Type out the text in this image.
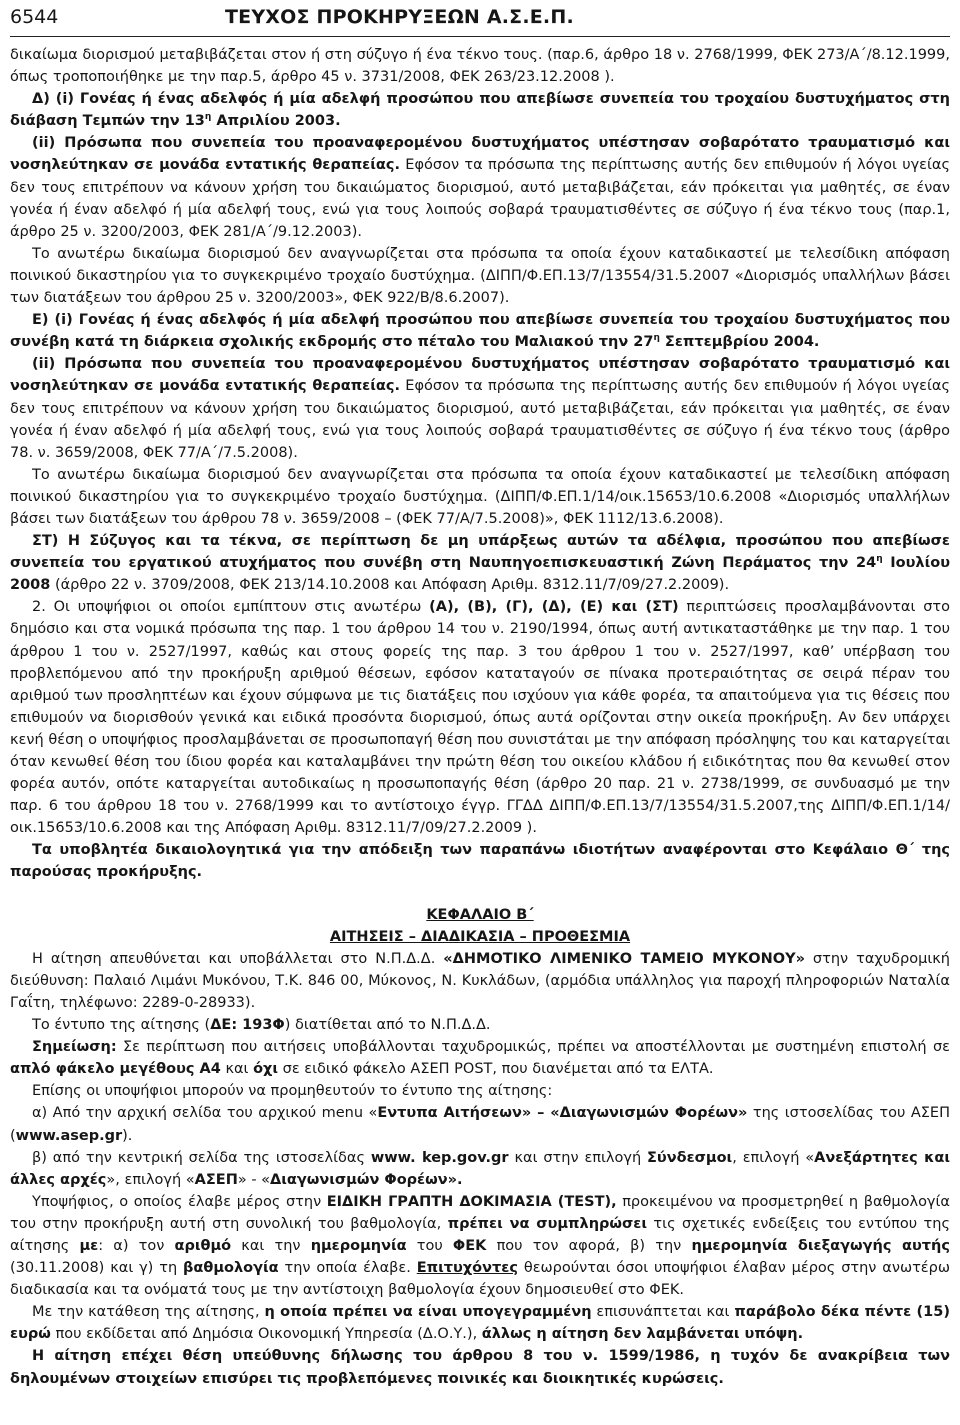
6544	ΤΕΥΧΟΣ ΠΡΟΚΗΡΥΞΕΩΝ Α.Σ.Ε.Π.

δικαίωμα διορισμού μεταβιβάζεται στον ή στη σύζυγο ή ένα τέκνο τους. (παρ.6, άρθρο 18 ν. 2768/1999, ΦΕΚ 273/Α΄/8.12.1999, όπως τροποποιήθηκε με την παρ.5, άρθρο 45 ν. 3731/2008, ΦΕΚ 263/23.12.2008 ).

Δ) (i) Γονέας ή ένας αδελφός ή μία αδελφή προσώπου που απεβίωσε συνεπεία του τροχαίου δυστυχήματος στη διάβαση Τεμπών την $13^\eta$ Απριλίου 2003.

(ii) Πρόσωπα που συνεπεία του προαναφερομένου δυστυχήματος υπέστησαν σοβαρότατο τραυματισμό και νοσηλεύτηκαν σε μονάδα εντατικής θεραπείας. Εφόσον τα πρόσωπα της περίπτωσης αυτής δεν επιθυμούν ή λόγοι υγείας δεν τους επιτρέπουν να κάνουν χρήση του δικαιώματος διορισμού, αυτό μεταβιβάζεται, εάν πρόκειται για μαθητές, σε έναν γονέα ή έναν αδελφό ή μία αδελφή τους, ενώ για τους λοιπούς σοβαρά τραυματισθέντες σε σύζυγο ή ένα τέκνο τους (παρ.1, άρθρο 25 ν. 3200/2003, ΦΕΚ 281/Α΄/9.12.2003).

Το ανωτέρω δικαίωμα διορισμού δεν αναγνωρίζεται στα πρόσωπα τα οποία έχουν καταδικαστεί με τελεσίδικη απόφαση ποινικού δικαστηρίου για το συγκεκριμένο τροχαίο δυστύχημα. (ΔΙΠΠ/Φ.ΕΠ.13/7/13554/31.5.2007 «Διορισμός υπαλλήλων βάσει των διατάξεων του άρθρου 25 ν. 3200/2003», ΦΕΚ 922/Β/8.6.2007).

Ε) (i) Γονέας ή ένας αδελφός ή μία αδελφή προσώπου που απεβίωσε συνεπεία του τροχαίου δυστυχήματος που συνέβη κατά τη διάρκεια σχολικής εκδρομής στο πέταλο του Μαλιακού την $27^\eta$ Σεπτεμβρίου 2004.

(ii) Πρόσωπα που συνεπεία του προαναφερομένου δυστυχήματος υπέστησαν σοβαρότατο τραυματισμό και νοσηλεύτηκαν σε μονάδα εντατικής θεραπείας. Εφόσον τα πρόσωπα της περίπτωσης αυτής δεν επιθυμούν ή λόγοι υγείας δεν τους επιτρέπουν να κάνουν χρήση του δικαιώματος διορισμού, αυτό μεταβιβάζεται, εάν πρόκειται για μαθητές, σε έναν γονέα ή έναν αδελφό ή μία αδελφή τους, ενώ για τους λοιπούς σοβαρά τραυματισθέντες σε σύζυγο ή ένα τέκνο τους (άρθρο 78. ν. 3659/2008, ΦΕΚ 77/Α΄/7.5.2008).

Το ανωτέρω δικαίωμα διορισμού δεν αναγνωρίζεται στα πρόσωπα τα οποία έχουν καταδικαστεί με τελεσίδικη απόφαση ποινικού δικαστηρίου για το συγκεκριμένο τροχαίο δυστύχημα. (ΔΙΠΠ/Φ.ΕΠ.1/14/οικ.15653/10.6.2008 «Διορισμός υπαλλήλων βάσει των διατάξεων του άρθρου 78 ν. 3659/2008 – (ΦΕΚ 77/Α/7.5.2008)», ΦΕΚ 1112/13.6.2008).

ΣΤ) Η Σύζυγος και τα τέκνα, σε περίπτωση δε μη υπάρξεως αυτών τα αδέλφια, προσώπου που απεβίωσε συνεπεία του εργατικού ατυχήματος που συνέβη στη Ναυπηγοεπισκευαστική Ζώνη Περάματος την $24^\eta$ Ιουλίου 2008 (άρθρο 22 ν. 3709/2008, ΦΕΚ 213/14.10.2008 και Απόφαση Αριθμ. 8312.11/7/09/27.2.2009).

2. Οι υποψήφιοι οι οποίοι εμπίπτουν στις ανωτέρω (Α), (Β), (Γ), (Δ), (Ε) και (ΣΤ) περιπτώσεις προσλαμβάνονται στο δημόσιο και στα νομικά πρόσωπα της παρ. 1 του άρθρου 14 του ν. 2190/1994, όπως αυτή αντικαταστάθηκε με την παρ. 1 του άρθρου 1 του ν. 2527/1997, καθώς και στους φορείς της παρ. 3 του άρθρου 1 του ν. 2527/1997, καθ’ υπέρβαση του προβλεπόμενου από την προκήρυξη αριθμού θέσεων, εφόσον καταταγούν σε πίνακα προτεραιότητας σε σειρά πέραν του αριθμού των προσληπτέων και έχουν σύμφωνα με τις διατάξεις που ισχύουν για κάθε φορέα, τα απαιτούμενα για τις θέσεις που επιθυμούν να διορισθούν γενικά και ειδικά προσόντα διορισμού, όπως αυτά ορίζονται στην οικεία προκήρυξη. Αν δεν υπάρχει κενή θέση ο υποψήφιος προσλαμβάνεται σε προσωποπαγή θέση που συνιστάται με την απόφαση πρόσληψης του και καταργείται όταν κενωθεί θέση του ίδιου φορέα και καταλαμβάνει την πρώτη θέση του οικείου κλάδου ή ειδικότητας που θα κενωθεί στον φορέα αυτόν, οπότε καταργείται αυτοδικαίως η προσωποπαγής θέση (άρθρο 20 παρ. 21 ν. 2738/1999, σε συνδυασμό με την παρ. 6 του άρθρου 18 του ν. 2768/1999 και το αντίστοιχο έγγρ. ΓΓΔΔ ΔΙΠΠ/Φ.ΕΠ.13/7/13554/31.5.2007,της ΔΙΠΠ/Φ.ΕΠ.1/14/οικ.15653/10.6.2008 και της Απόφαση Αριθμ. 8312.11/7/09/27.2.2009 ).

Τα υποβλητέα δικαιολογητικά για την απόδειξη των παραπάνω ιδιοτήτων αναφέρονται στο Κεφάλαιο Θ΄ της παρούσας προκήρυξης.

ΚΕΦΑΛΑΙΟ Β΄

ΑΙΤΗΣΕΙΣ – ΔΙΑΔΙΚΑΣΙΑ – ΠΡΟΘΕΣΜΙΑ

Η αίτηση απευθύνεται και υποβάλλεται στο Ν.Π.Δ.Δ. «ΔΗΜΟΤΙΚΟ ΛΙΜΕΝΙΚΟ ΤΑΜΕΙΟ ΜΥΚΟΝΟΥ» στην ταχυδρομική διεύθυνση: Παλαιό Λιμάνι Μυκόνου, Τ.Κ. 846 00, Μύκονος, Ν. Κυκλάδων, (αρμόδια υπάλληλος για παροχή πληροφοριών Ναταλία Γαΐτη, τηλέφωνο: 2289-0-28933).

Το έντυπο της αίτησης (ΔΕ: 193Φ) διατίθεται από το Ν.Π.Δ.Δ.

Σημείωση: Σε περίπτωση που αιτήσεις υποβάλλονται ταχυδρομικώς, πρέπει να αποστέλλονται με συστημένη επιστολή σε απλό φάκελο μεγέθους Α4 και όχι σε ειδικό φάκελο ΑΣΕΠ POST, που διανέμεται από τα ΕΛΤΑ.

Επίσης οι υποψήφιοι μπορούν να προμηθευτούν το έντυπο της αίτησης:

α) Από την αρχική σελίδα του αρχικού menu «Εντυπα Αιτήσεων» – «Διαγωνισμών Φορέων» της ιστοσελίδας του ΑΣΕΠ (www.asep.gr).

β) από την κεντρική σελίδα της ιστοσελίδας www. kep.gov.gr και στην επιλογή Σύνδεσμοι, επιλογή «Ανεξάρτητες και άλλες αρχές», επιλογή «ΑΣΕΠ» - «Διαγωνισμών Φορέων».

Υποψήφιος, ο οποίος έλαβε μέρος στην ΕΙΔΙΚΗ ΓΡΑΠΤΗ ΔΟΚΙΜΑΣΙΑ (TEST), προκειμένου να προσμετρηθεί η βαθμολογία του στην προκήρυξη αυτή στη συνολική του βαθμολογία, πρέπει να συμπληρώσει τις σχετικές ενδείξεις του εντύπου της αίτησης με: α) τον αριθμό και την ημερομηνία του ΦΕΚ που τον αφορά, β) την ημερομηνία διεξαγωγής αυτής (30.11.2008) και γ) τη βαθμολογία την οποία έλαβε. Επιτυχόντες θεωρούνται όσοι υποψήφιοι έλαβαν μέρος στην ανωτέρω διαδικασία και τα ονόματά τους με την αντίστοιχη βαθμολογία έχουν δημοσιευθεί στο ΦΕΚ.

Με την κατάθεση της αίτησης, η οποία πρέπει να είναι υπογεγραμμένη επισυνάπτεται και παράβολο δέκα πέντε (15) ευρώ που εκδίδεται από Δημόσια Οικονομική Υπηρεσία (Δ.Ο.Υ.), άλλως η αίτηση δεν λαμβάνεται υπόψη.

Η αίτηση επέχει θέση υπεύθυνης δήλωσης του άρθρου 8 του ν. 1599/1986, η τυχόν δε ανακρίβεια των δηλουμένων στοιχείων επισύρει τις προβλεπόμενες ποινικές και διοικητικές κυρώσεις.
